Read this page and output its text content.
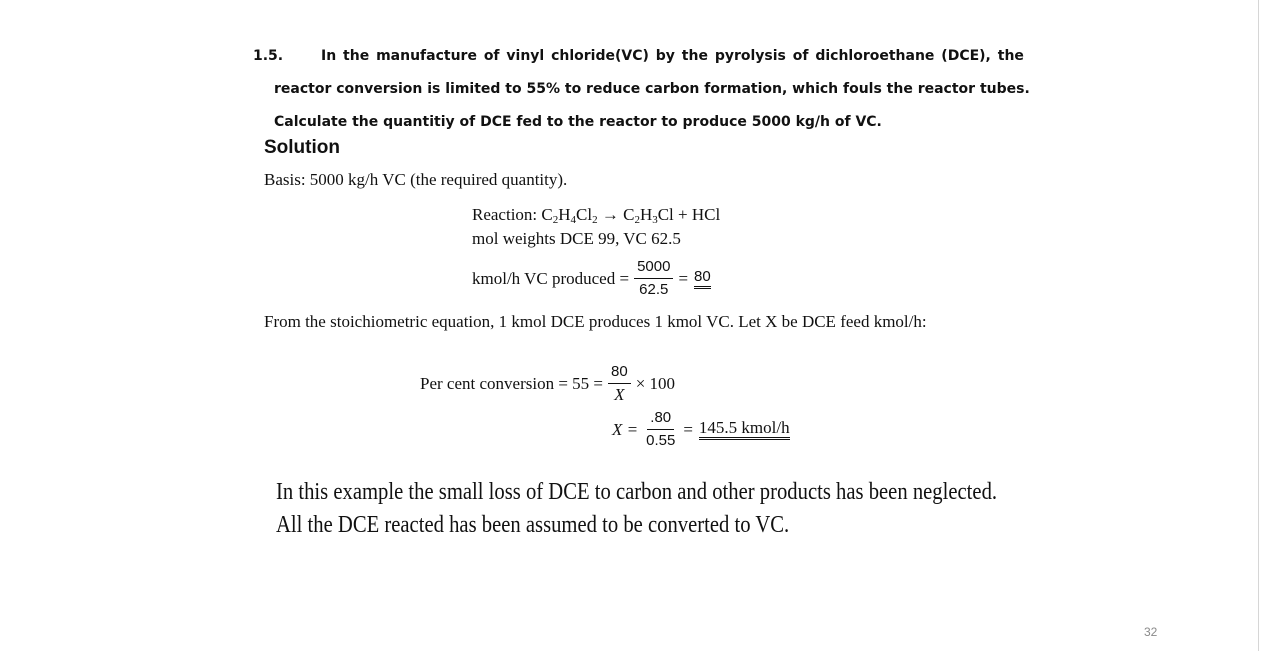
1.5.	In the manufacture of vinyl chloride(VC) by the pyrolysis of dichloroethane (DCE), the
reactor conversion is limited to 55% to reduce carbon formation, which fouls the reactor tubes.
Calculate the quantitiy of DCE fed to the reactor to produce 5000 kg/h of VC.
Solution
Basis: 5000 kg/h VC (the required quantity).
Reaction: $C_2H_4Cl_2 \to C_2H_3Cl$ + HCl
mol weights DCE 99, VC 62.5
kmol/h VC produced = $\frac{5000}{62.5} = 80$
From the stoichiometric equation, 1 kmol DCE produces 1 kmol VC. Let X be DCE feed kmol/h:
Per cent conversion = $55 = \frac{80}{X} \times 100$
$X = \frac{.80}{0.55} = 145.5$ kmol/h
In this example the small loss of DCE to carbon and other products has been neglected.
All the DCE reacted has been assumed to be converted to VC.
32
